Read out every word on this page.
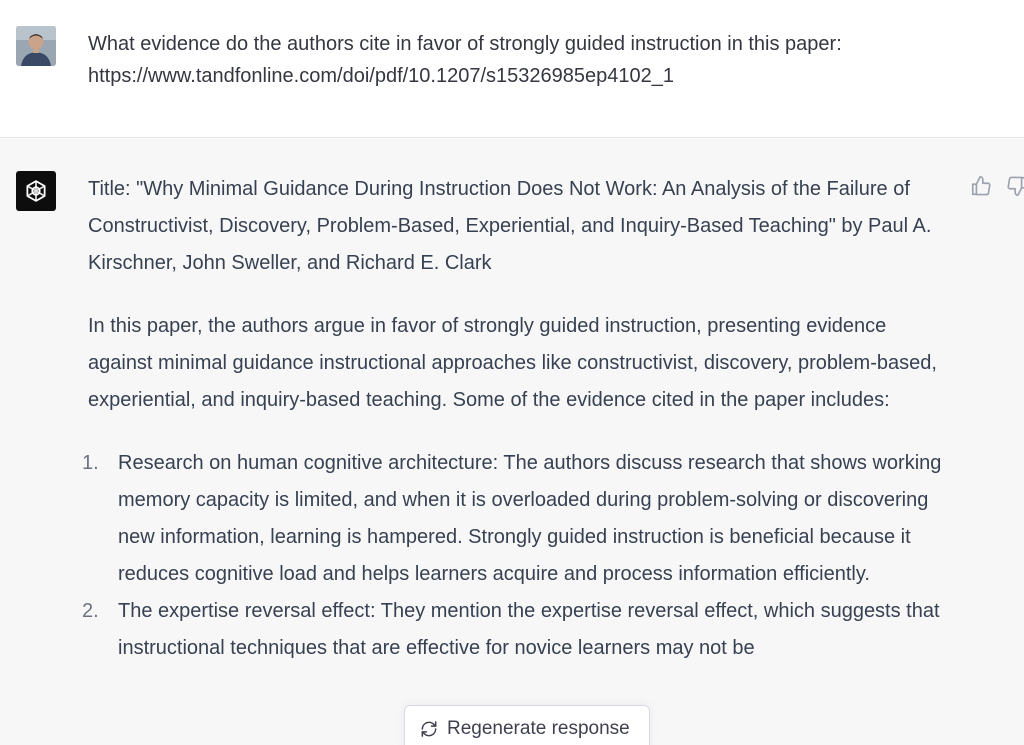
What evidence do the authors cite in favor of strongly guided instruction in this paper:
https://www.tandfonline.com/doi/pdf/10.1207/s15326985ep4102_1

Title: "Why Minimal Guidance During Instruction Does Not Work: An Analysis of the Failure of Constructivist, Discovery, Problem-Based, Experiential, and Inquiry-Based Teaching" by Paul A. Kirschner, John Sweller, and Richard E. Clark

In this paper, the authors argue in favor of strongly guided instruction, presenting evidence against minimal guidance instructional approaches like constructivist, discovery, problem-based, experiential, and inquiry-based teaching. Some of the evidence cited in the paper includes:

1. Research on human cognitive architecture: The authors discuss research that shows working memory capacity is limited, and when it is overloaded during problem-solving or discovering new information, learning is hampered. Strongly guided instruction is beneficial because it reduces cognitive load and helps learners acquire and process information efficiently.
2. The expertise reversal effect: They mention the expertise reversal effect, which suggests that instructional techniques that are effective for novice learners may not be
Regenerate response
